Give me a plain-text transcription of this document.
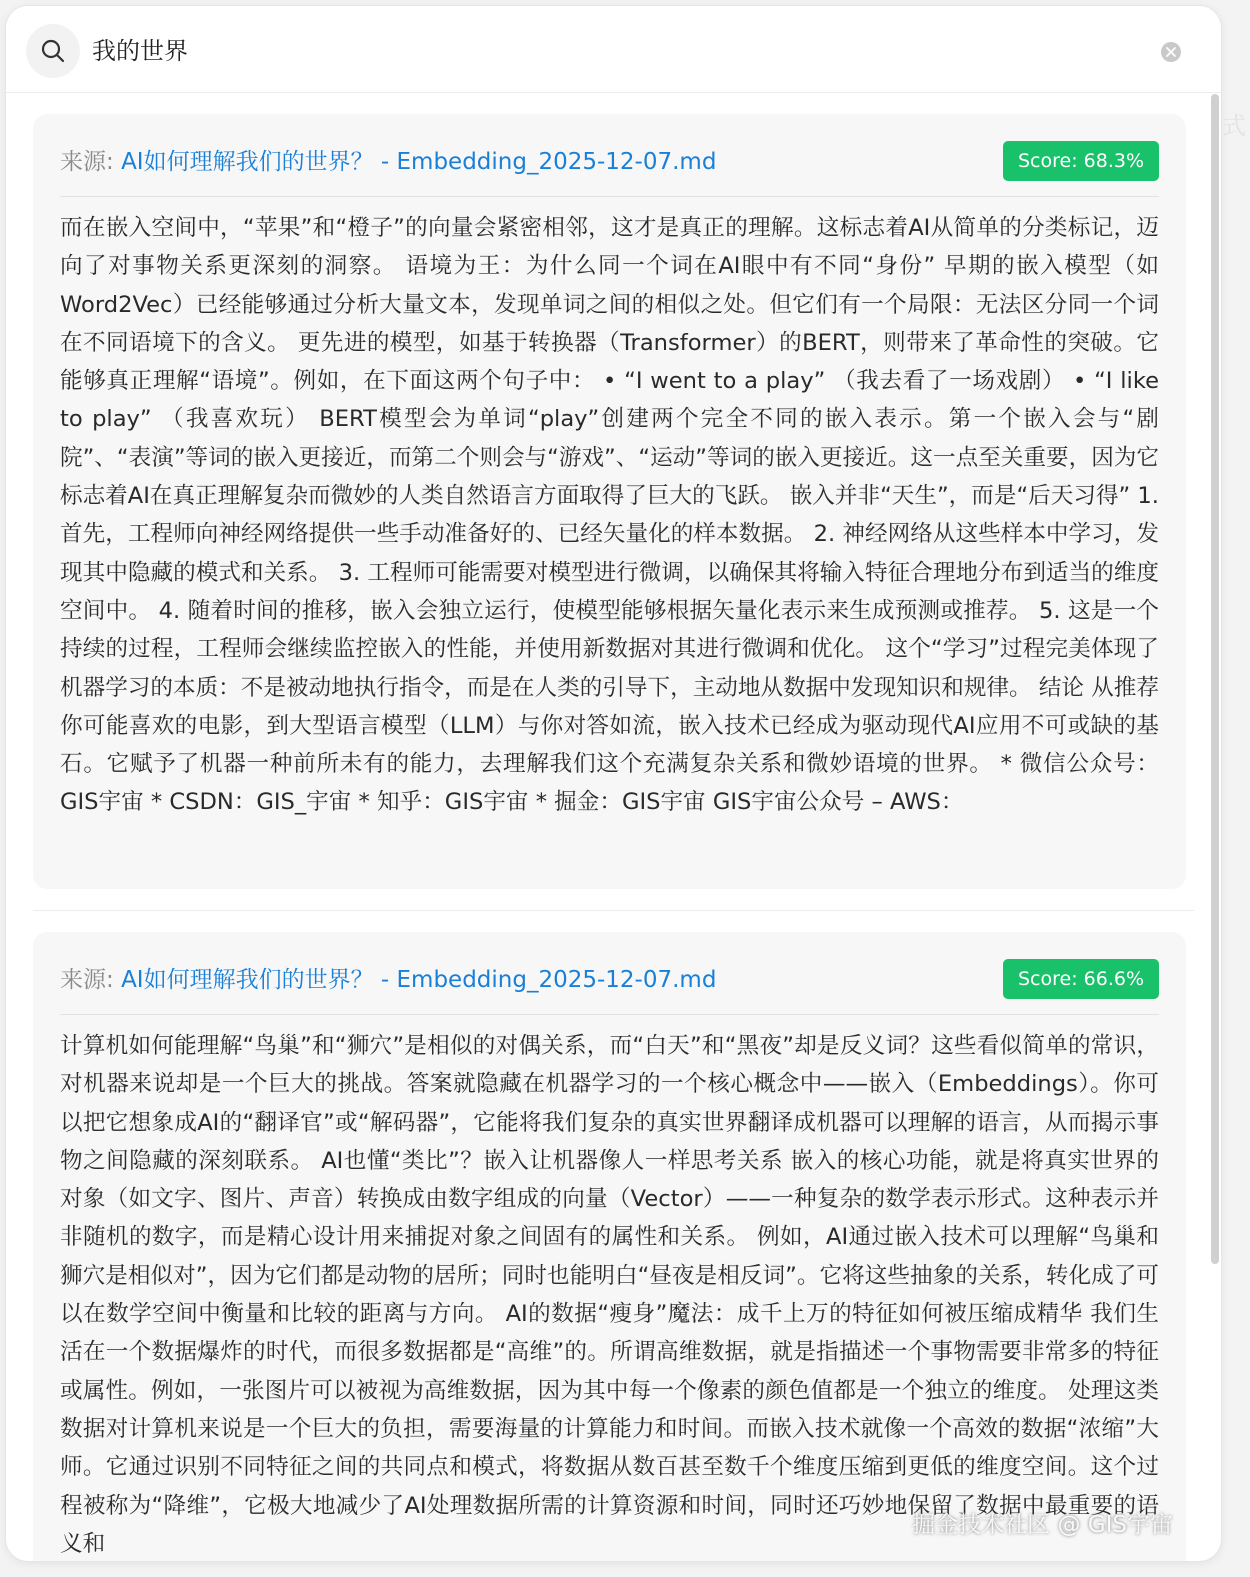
我的世界
来源: AI如何理解我们的世界？ - Embedding_2025-12-07.md	Score: 68.3%
而在嵌入空间中，“苹果”和“橙子”的向量会紧密相邻，这才是真正的理解。这标志着AI从简单的分类标记，迈向了对事物关系更深刻的洞察。 语境为王：为什么同一个词在AI眼中有不同“身份” 早期的嵌入模型（如Word2Vec）已经能够通过分析大量文本，发现单词之间的相似之处。但它们有一个局限：无法区分同一个词在不同语境下的含义。 更先进的模型，如基于转换器（Transformer）的BERT，则带来了革命性的突破。它能够真正理解“语境”。例如，在下面这两个句子中： • “I went to a play” （我去看了一场戏剧） • “I like to play” （我喜欢玩） BERT模型会为单词“play”创建两个完全不同的嵌入表示。第一个嵌入会与“剧院”、“表演”等词的嵌入更接近，而第二个则会与“游戏”、“运动”等词的嵌入更接近。这一点至关重要，因为它标志着AI在真正理解复杂而微妙的人类自然语言方面取得了巨大的飞跃。 嵌入并非“天生”，而是“后天习得” 1. 首先，工程师向神经网络提供一些手动准备好的、已经矢量化的样本数据。 2. 神经网络从这些样本中学习，发现其中隐藏的模式和关系。 3. 工程师可能需要对模型进行微调，以确保其将输入特征合理地分布到适当的维度空间中。 4. 随着时间的推移，嵌入会独立运行，使模型能够根据矢量化表示来生成预测或推荐。 5. 这是一个持续的过程，工程师会继续监控嵌入的性能，并使用新数据对其进行微调和优化。 这个“学习”过程完美体现了机器学习的本质：不是被动地执行指令，而是在人类的引导下，主动地从数据中发现知识和规律。 结论 从推荐你可能喜欢的电影，到大型语言模型（LLM）与你对答如流，嵌入技术已经成为驱动现代AI应用不可或缺的基石。它赋予了机器一种前所未有的能力，去理解我们这个充满复杂关系和微妙语境的世界。 * 微信公众号：GIS宇宙 * CSDN：GIS_宇宙 * 知乎：GIS宇宙 * 掘金：GIS宇宙 GIS宇宙公众号 – AWS：
来源: AI如何理解我们的世界？ - Embedding_2025-12-07.md	Score: 66.6%
计算机如何能理解“鸟巢”和“狮穴”是相似的对偶关系，而“白天”和“黑夜”却是反义词？这些看似简单的常识，对机器来说却是一个巨大的挑战。答案就隐藏在机器学习的一个核心概念中——嵌入（Embeddings）。你可以把它想象成AI的“翻译官”或“解码器”，它能将我们复杂的真实世界翻译成机器可以理解的语言，从而揭示事物之间隐藏的深刻联系。 AI也懂“类比”？嵌入让机器像人一样思考关系 嵌入的核心功能，就是将真实世界的对象（如文字、图片、声音）转换成由数字组成的向量（Vector）——一种复杂的数学表示形式。这种表示并非随机的数字，而是精心设计用来捕捉对象之间固有的属性和关系。 例如，AI通过嵌入技术可以理解“鸟巢和狮穴是相似对”，因为它们都是动物的居所；同时也能明白“昼夜是相反词”。它将这些抽象的关系，转化成了可以在数学空间中衡量和比较的距离与方向。 AI的数据“瘦身”魔法：成千上万的特征如何被压缩成精华 我们生活在一个数据爆炸的时代，而很多数据都是“高维”的。所谓高维数据，就是指描述一个事物需要非常多的特征或属性。例如，一张图片可以被视为高维数据，因为其中每一个像素的颜色值都是一个独立的维度。 处理这类数据对计算机来说是一个巨大的负担，需要海量的计算能力和时间。而嵌入技术就像一个高效的数据“浓缩”大师。它通过识别不同特征之间的共同点和模式，将数据从数百甚至数千个维度压缩到更低的维度空间。这个过程被称为“降维”，它极大地减少了AI处理数据所需的计算资源和时间，同时还巧妙地保留了数据中最重要的语义和
掘金技术社区 @ GIS宇宙
式
